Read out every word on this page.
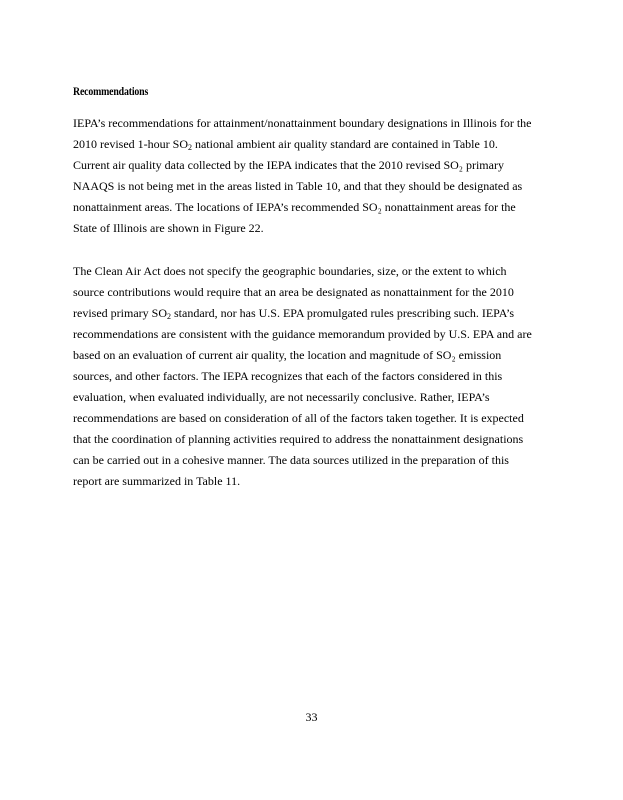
Recommendations
IEPA’s recommendations for attainment/nonattainment boundary designations in Illinois for the
2010 revised 1-hour $SO_2$ national ambient air quality standard are contained in Table 10.
Current air quality data collected by the IEPA indicates that the 2010 revised SO₂ primary
NAAQS is not being met in the areas listed in Table 10, and that they should be designated as
nonattainment areas. The locations of IEPA’s recommended SO₂ nonattainment areas for the
State of Illinois are shown in Figure 22.
The Clean Air Act does not specify the geographic boundaries, size, or the extent to which
source contributions would require that an area be designated as nonattainment for the 2010
revised primary $SO_2$ standard, nor has U.S. EPA promulgated rules prescribing such. IEPA’s
recommendations are consistent with the guidance memorandum provided by U.S. EPA and are
based on an evaluation of current air quality, the location and magnitude of SO₂ emission
sources, and other factors. The IEPA recognizes that each of the factors considered in this
evaluation, when evaluated individually, are not necessarily conclusive. Rather, IEPA’s
recommendations are based on consideration of all of the factors taken together. It is expected
that the coordination of planning activities required to address the nonattainment designations
can be carried out in a cohesive manner. The data sources utilized in the preparation of this
report are summarized in Table 11.
33
